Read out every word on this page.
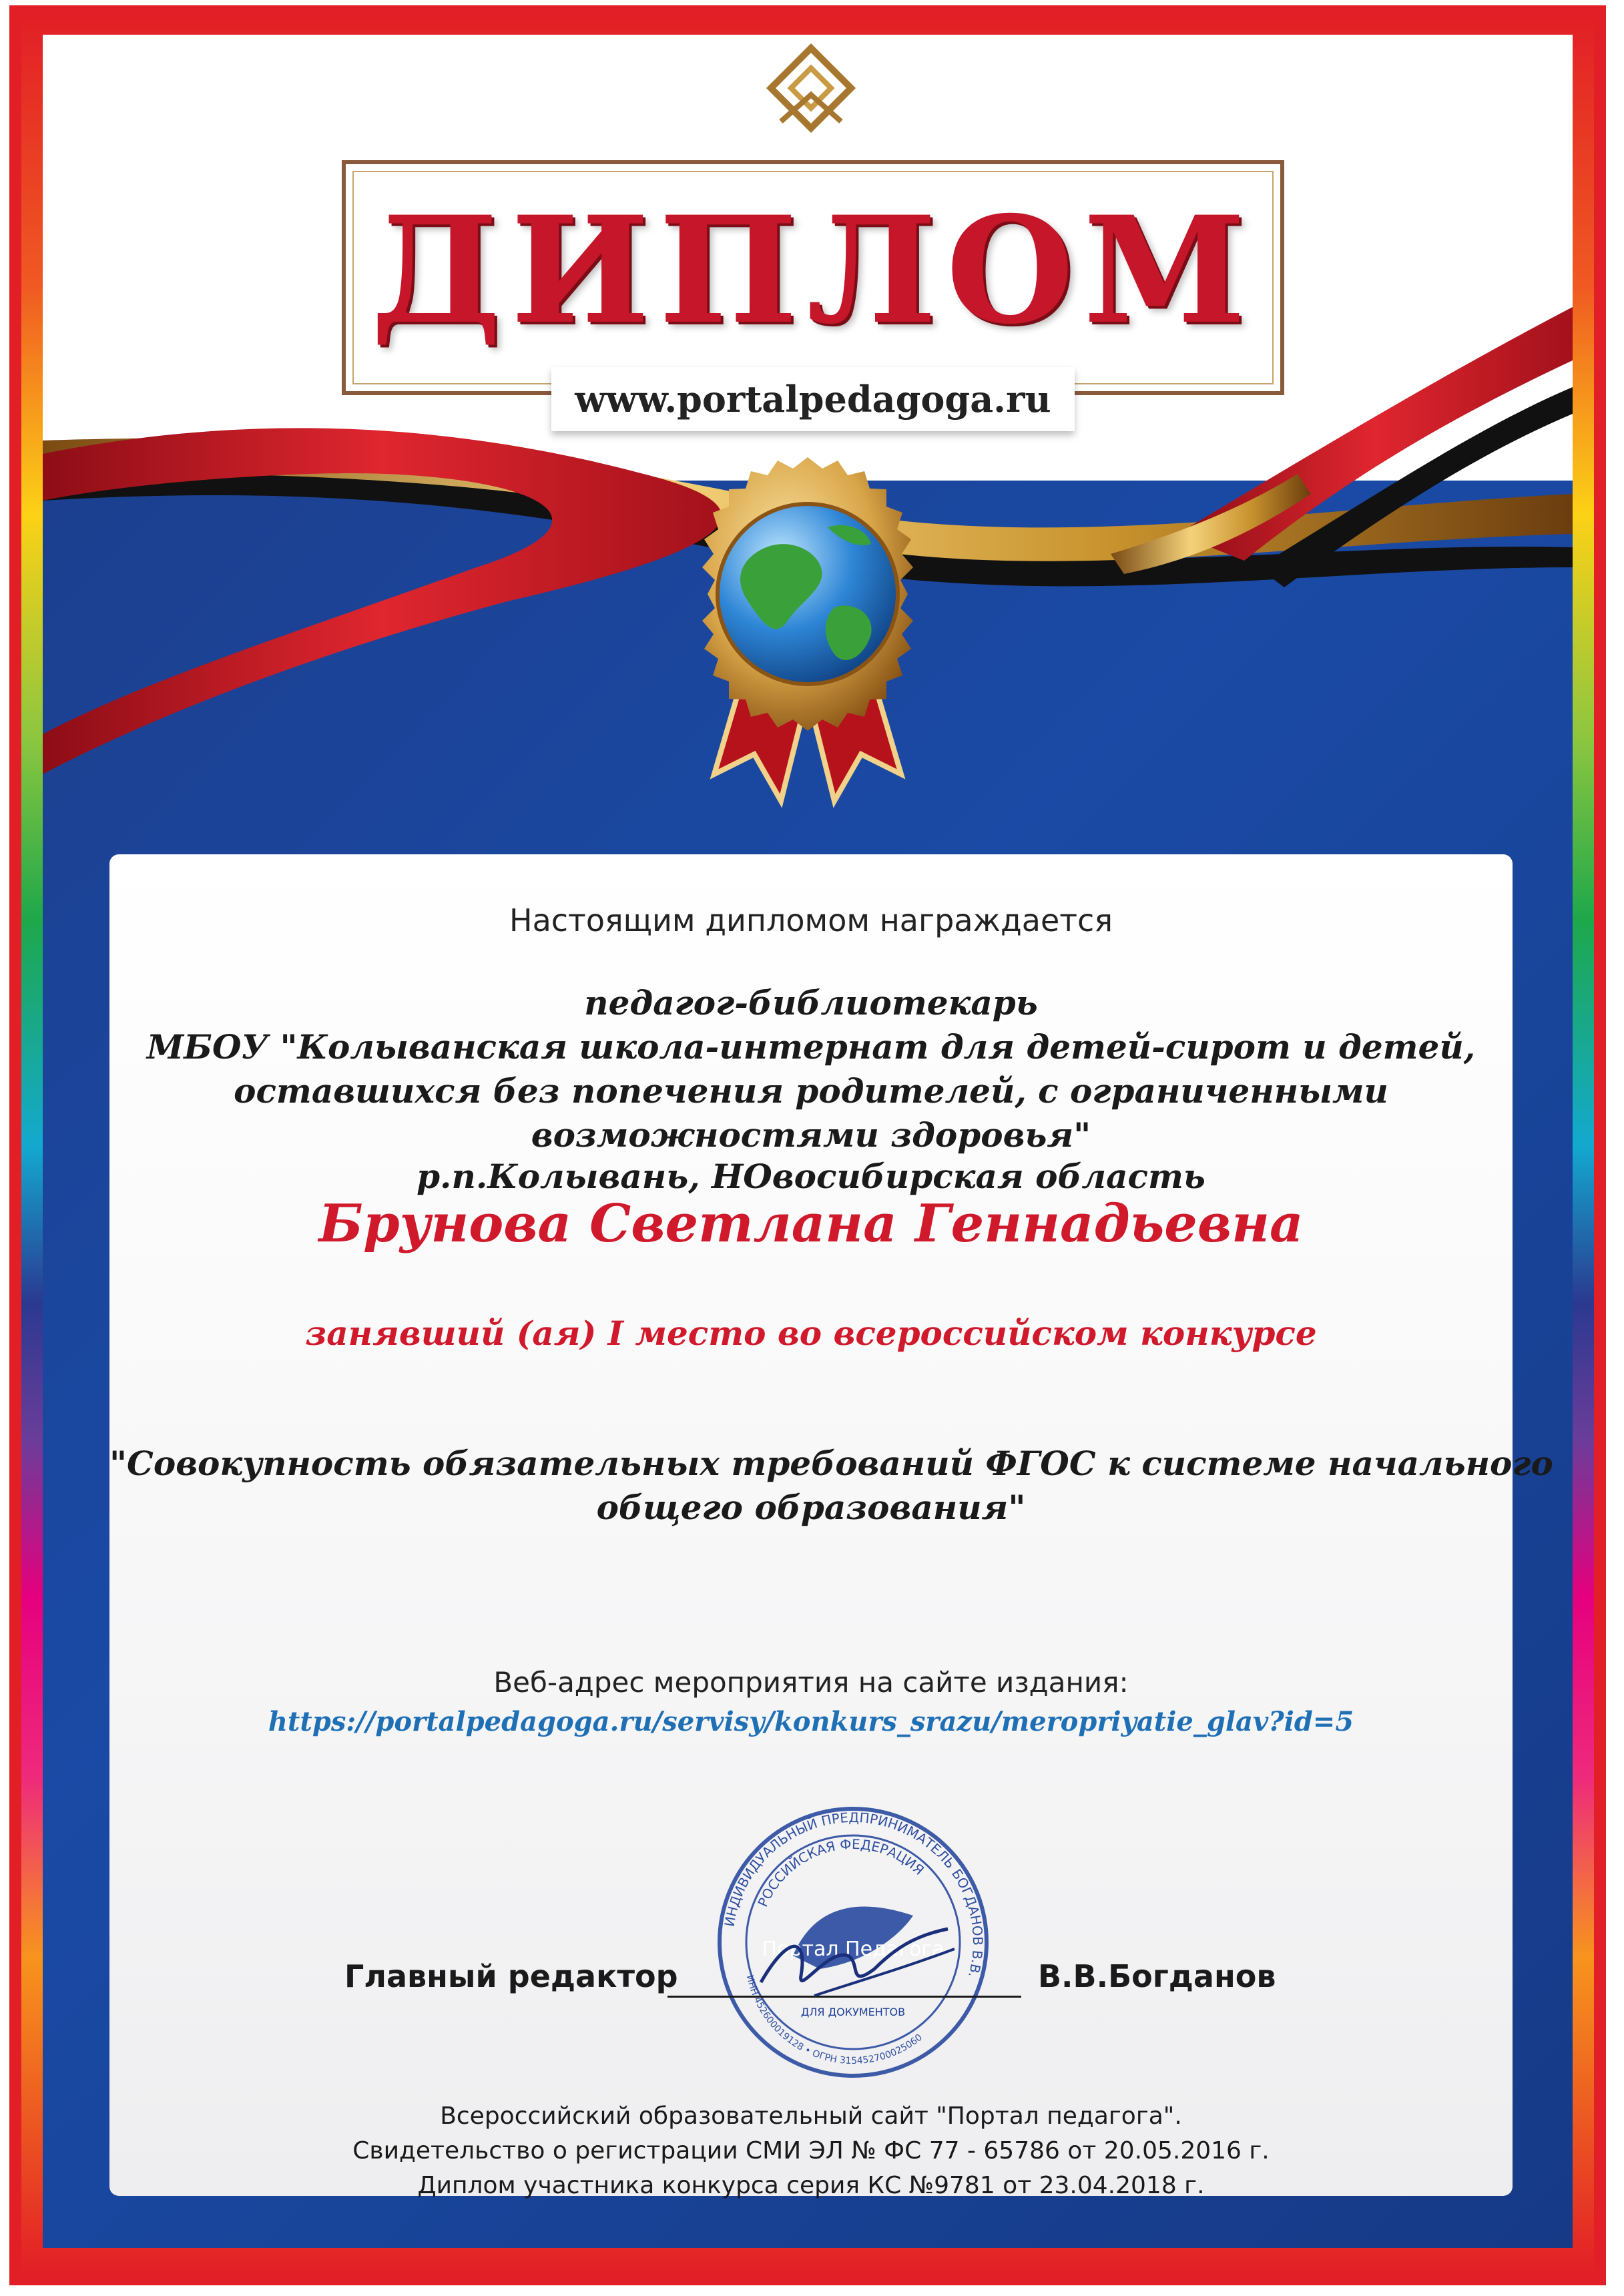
ДИПЛОМ
www.portalpedagoga.ru
Настоящим дипломом награждается
педагог-библиотекарь
МБОУ "Колыванская школа-интернат для детей-сирот и детей,
оставшихся без попечения родителей, с ограниченными
возможностями здоровья"
р.п.Колывань, НОвосибирская область
Брунова Светлана Геннадьевна
занявший (ая) I место во всероссийском конкурсе
"Совокупность обязательных требований ФГОС к системе начального
общего образования"
Веб-адрес мероприятия на сайте издания:
https://portalpedagoga.ru/servisy/konkurs_srazu/meropriyatie_glav?id=5
ИНДИВИДУАЛЬНЫЙ ПРЕДПРИНИМАТЕЛЬ БОГДАНОВ В.В.
РОССИЙСКАЯ ФЕДЕРАЦИЯ
ИНН 452600019128 • ОГРН 315452700025060
Портал Педагога
ДЛЯ ДОКУМЕНТОВ
Главный редактор	В.В.Богданов
Всероссийский образовательный сайт "Портал педагога".
Свидетельство о регистрации СМИ ЭЛ № ФС 77 - 65786 от 20.05.2016 г.
Диплом участника конкурса серия КС №9781 от 23.04.2018 г.
